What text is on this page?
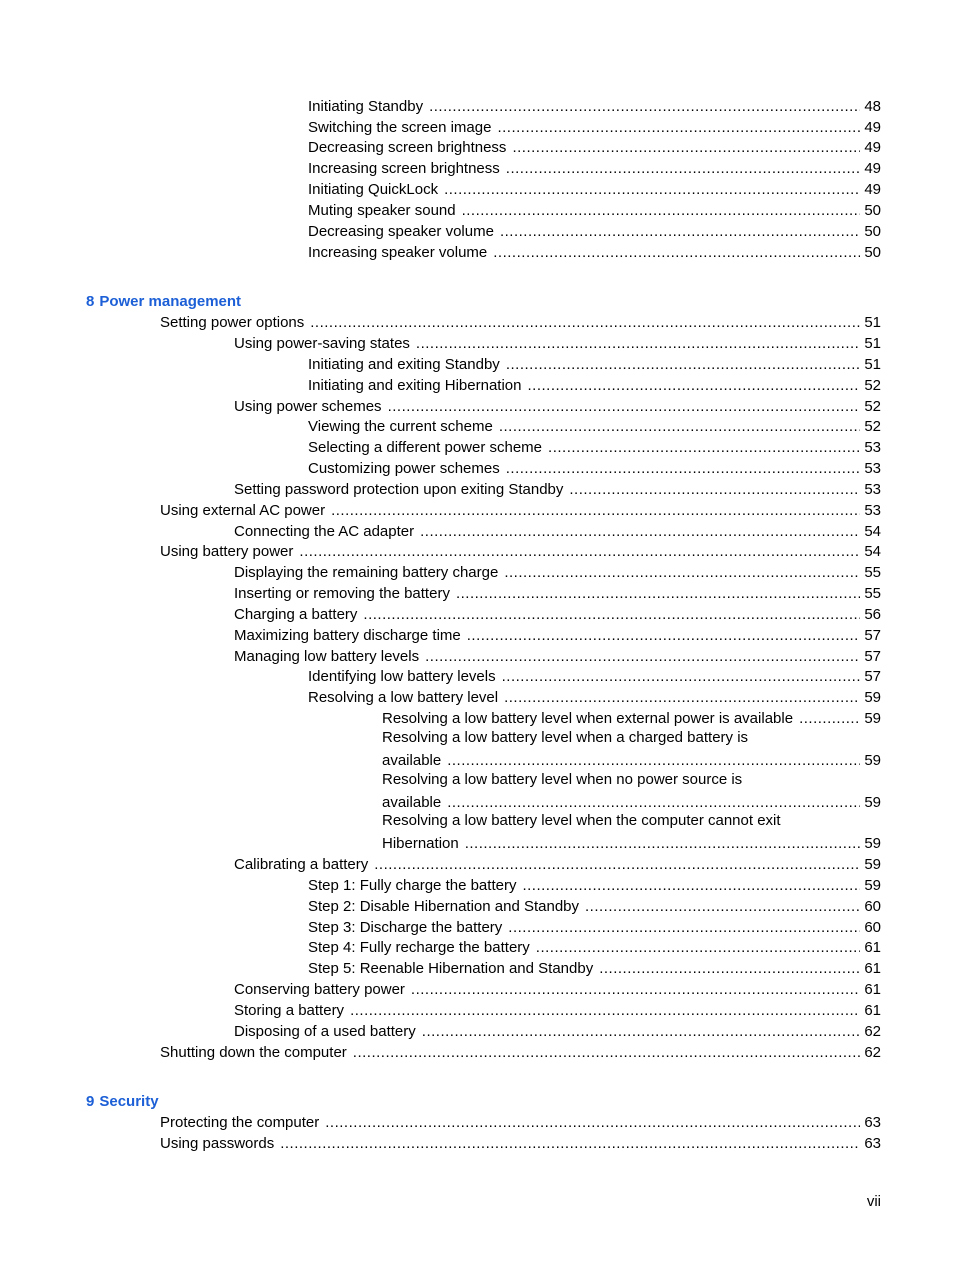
Initiating Standby .....	48
Switching the screen image .....	49
Decreasing screen brightness .....	49
Increasing screen brightness .....	49
Initiating QuickLock .....	49
Muting speaker sound .....	50
Decreasing speaker volume .....	50
Increasing speaker volume .....	50
8 Power management
Setting power options .....	51
Using power-saving states .....	51
Initiating and exiting Standby .....	51
Initiating and exiting Hibernation .....	52
Using power schemes .....	52
Viewing the current scheme .....	52
Selecting a different power scheme .....	53
Customizing power schemes .....	53
Setting password protection upon exiting Standby .....	53
Using external AC power .....	53
Connecting the AC adapter .....	54
Using battery power .....	54
Displaying the remaining battery charge .....	55
Inserting or removing the battery .....	55
Charging a battery .....	56
Maximizing battery discharge time .....	57
Managing low battery levels .....	57
Identifying low battery levels .....	57
Resolving a low battery level .....	59
Resolving a low battery level when external power is available .....	59
Resolving a low battery level when a charged battery is
available .....	59
Resolving a low battery level when no power source is
available .....	59
Resolving a low battery level when the computer cannot exit
Hibernation .....	59
Calibrating a battery .....	59
Step 1: Fully charge the battery .....	59
Step 2: Disable Hibernation and Standby .....	60
Step 3: Discharge the battery .....	60
Step 4: Fully recharge the battery .....	61
Step 5: Reenable Hibernation and Standby .....	61
Conserving battery power .....	61
Storing a battery .....	61
Disposing of a used battery .....	62
Shutting down the computer .....	62
9 Security
Protecting the computer .....	63
Using passwords .....	63
vii
